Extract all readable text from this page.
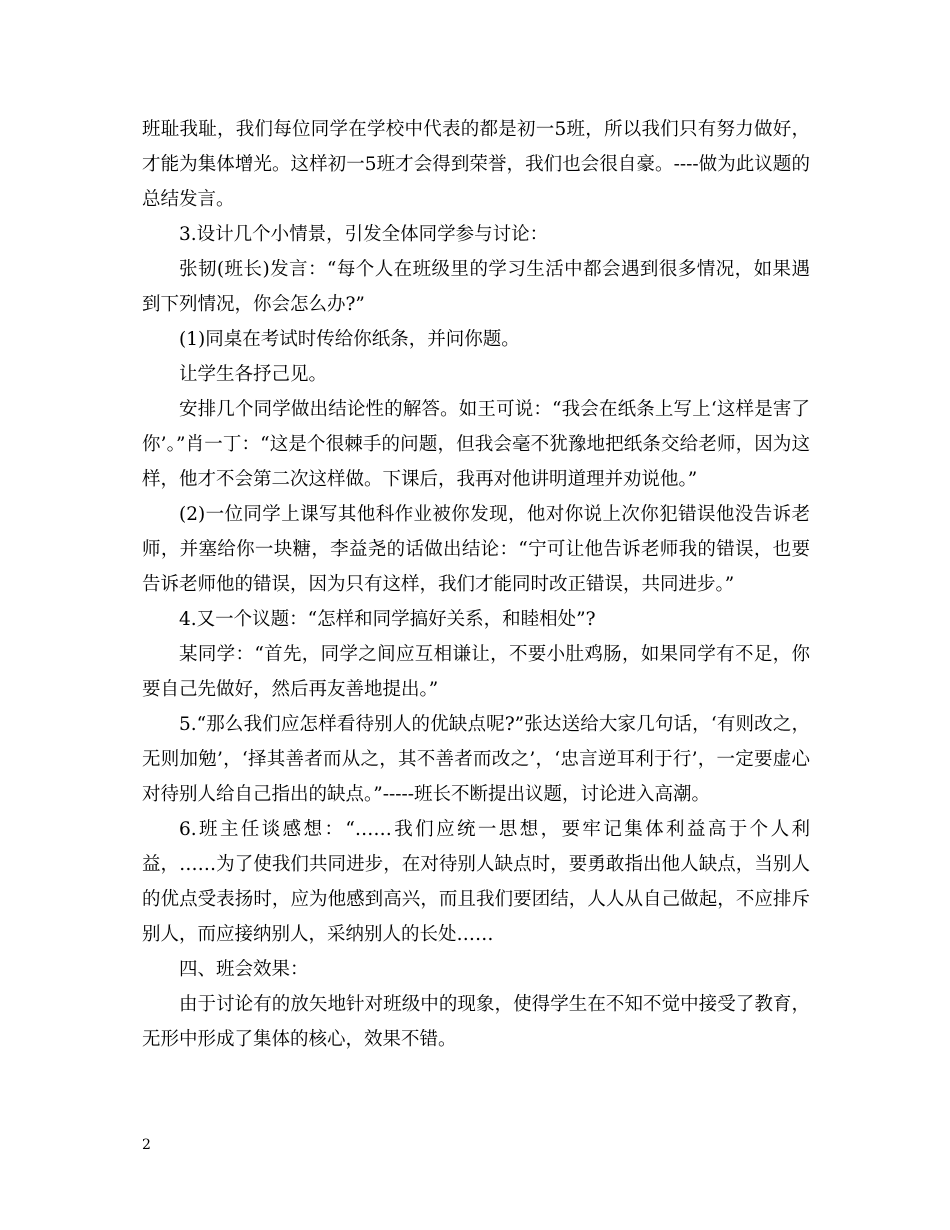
班耻我耻，我们每位同学在学校中代表的都是初一5班，所以我们只有努力做好，才能为集体增光。这样初一5班才会得到荣誉，我们也会很自豪。----做为此议题的总结发言。

3.设计几个小情景，引发全体同学参与讨论：

张韧(班长)发言：“每个人在班级里的学习生活中都会遇到很多情况，如果遇到下列情况，你会怎么办?”

(1)同桌在考试时传给你纸条，并问你题。

让学生各抒己见。

安排几个同学做出结论性的解答。如王可说：“我会在纸条上写上‘这样是害了你’。”肖一丁：“这是个很棘手的问题，但我会毫不犹豫地把纸条交给老师，因为这样，他才不会第二次这样做。下课后，我再对他讲明道理并劝说他。”

(2)一位同学上课写其他科作业被你发现，他对你说上次你犯错误他没告诉老师，并塞给你一块糖，李益尧的话做出结论：“宁可让他告诉老师我的错误，也要告诉老师他的错误，因为只有这样，我们才能同时改正错误，共同进步。”

4.又一个议题：“怎样和同学搞好关系，和睦相处”?

某同学：“首先，同学之间应互相谦让，不要小肚鸡肠，如果同学有不足，你要自己先做好，然后再友善地提出。”

5.“那么我们应怎样看待别人的优缺点呢?”张达送给大家几句话，‘有则改之，无则加勉’，‘择其善者而从之，其不善者而改之’，‘忠言逆耳利于行’，一定要虚心对待别人给自己指出的缺点。”-----班长不断提出议题，讨论进入高潮。

6.班主任谈感想：“……我们应统一思想，要牢记集体利益高于个人利益，……为了使我们共同进步，在对待别人缺点时，要勇敢指出他人缺点，当别人的优点受表扬时，应为他感到高兴，而且我们要团结，人人从自己做起，不应排斥别人，而应接纳别人，采纳别人的长处……

四、班会效果：

由于讨论有的放矢地针对班级中的现象，使得学生在不知不觉中接受了教育，无形中形成了集体的核心，效果不错。

2
